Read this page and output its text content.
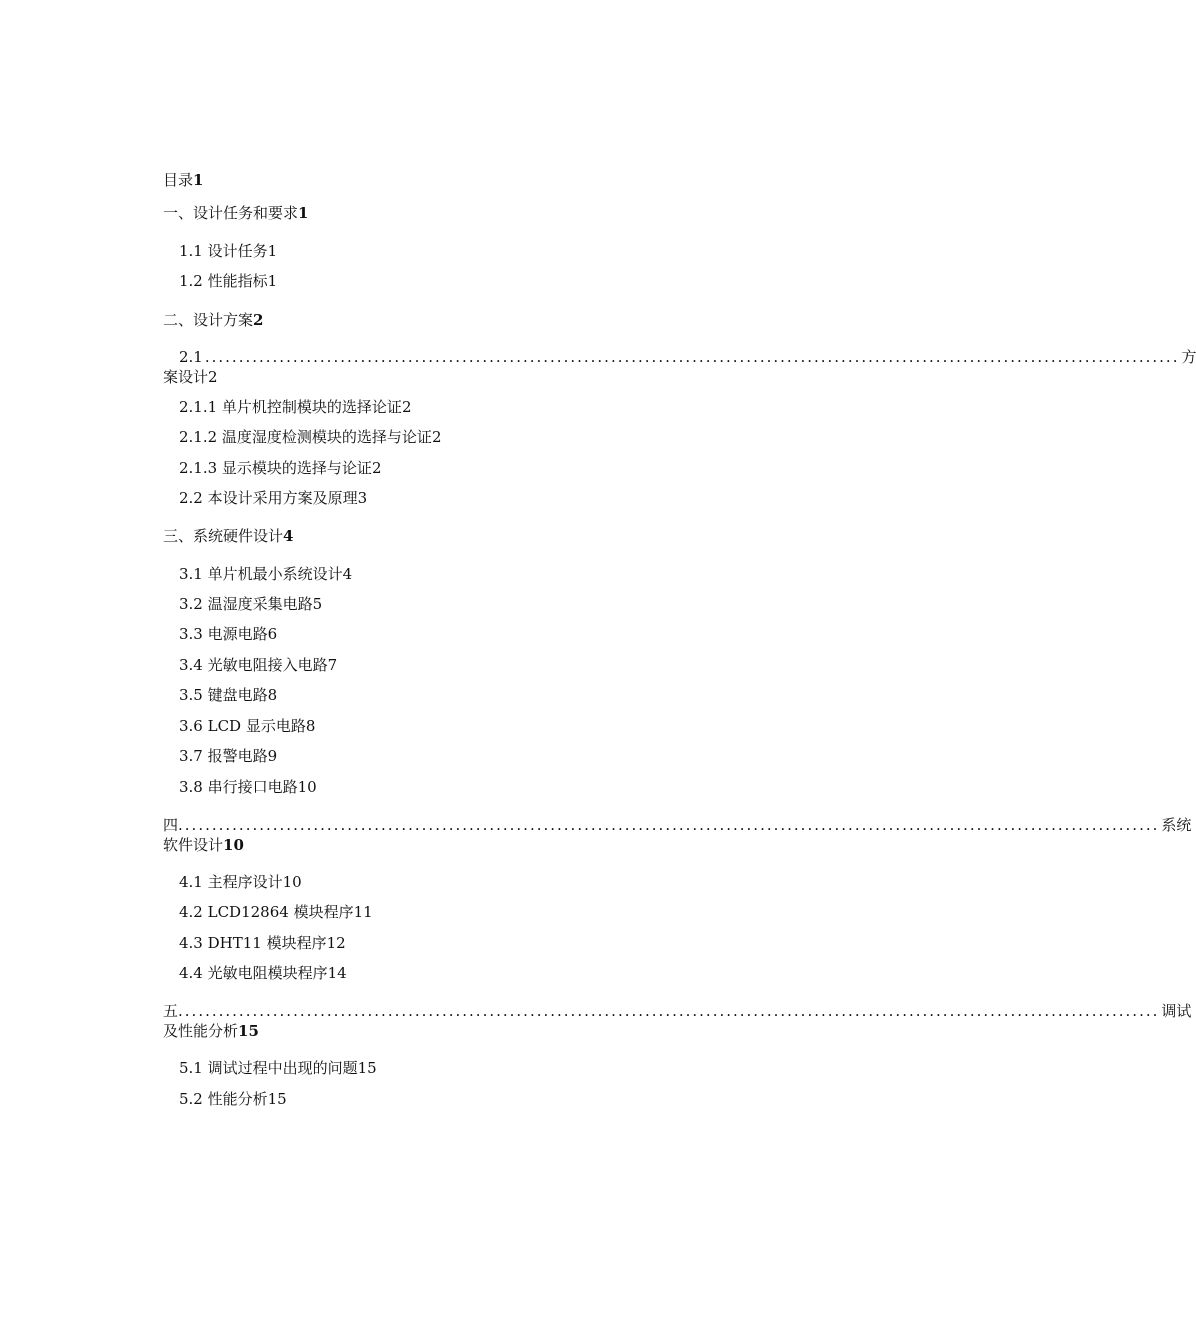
目录1
一、设计任务和要求1
1.1 设计任务1
1.2 性能指标1
二、设计方案2
2.1 ................................................................................................................................................ 方
案设计2
2.1.1 单片机控制模块的选择论证2
2.1.2 温度湿度检测模块的选择与论证2
2.1.3 显示模块的选择与论证2
2.2 本设计采用方案及原理3
三、系统硬件设计4
3.1 单片机最小系统设计4
3.2 温湿度采集电路5
3.3 电源电路6
3.4 光敏电阻接入电路7
3.5 键盘电路8
3.6 LCD 显示电路8
3.7 报警电路9
3.8 串行接口电路10
四. ................................................................................................................................................ 系统
软件设计10
4.1 主程序设计10
4.2 LCD12864 模块程序11
4.3 DHT11 模块程序12
4.4 光敏电阻模块程序14
五. ................................................................................................................................................ 调试
及性能分析15
5.1 调试过程中出现的问题15
5.2 性能分析15
